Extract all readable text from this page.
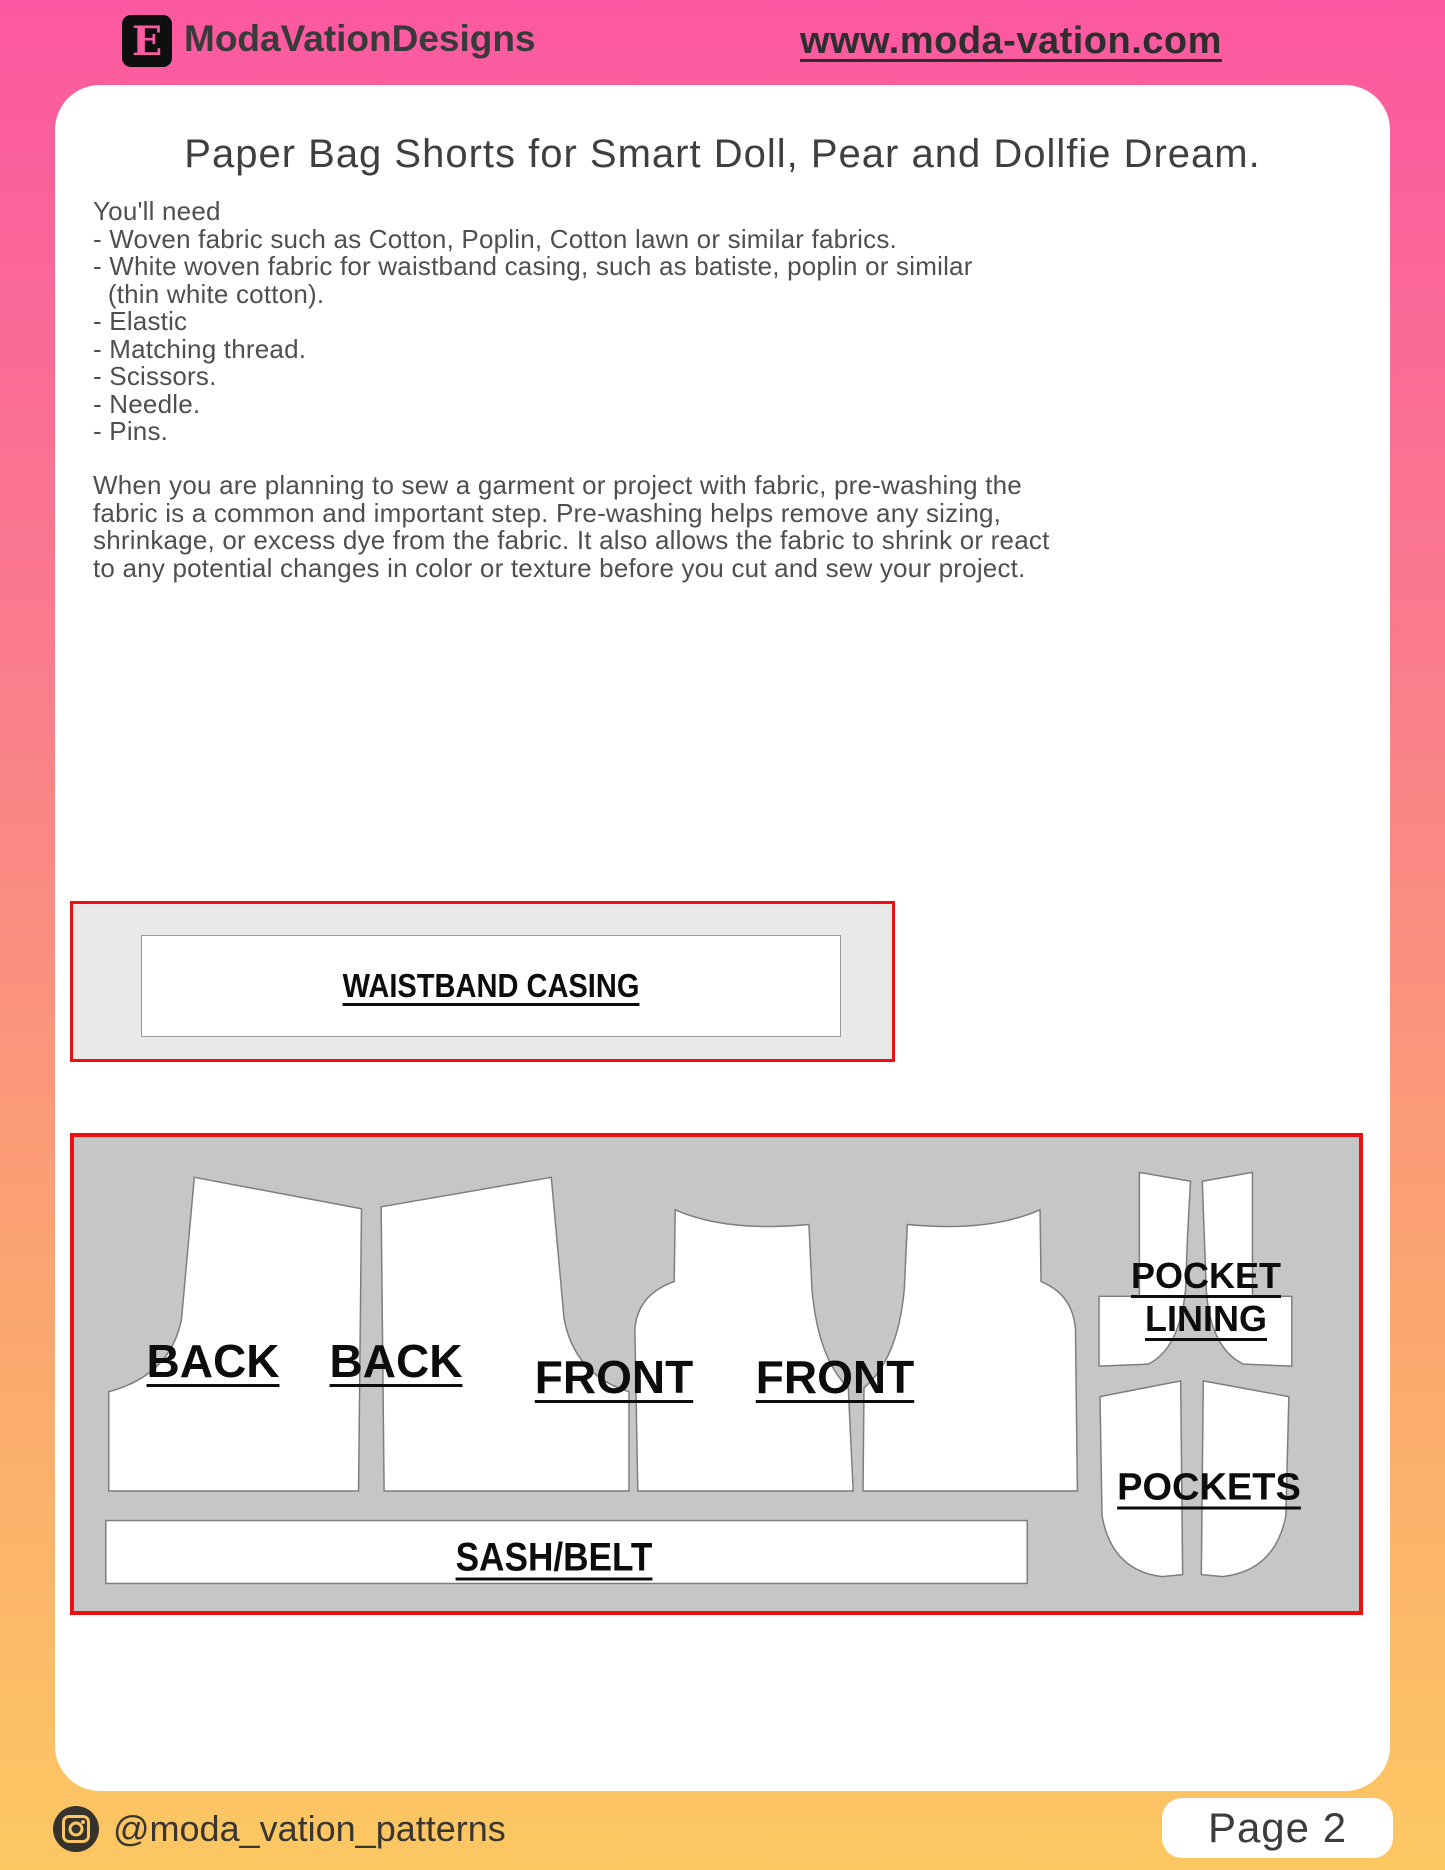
E ModaVationDesigns	www.moda-vation.com
Paper Bag Shorts for Smart Doll, Pear and Dollfie Dream.
You'll need
- Woven fabric such as Cotton, Poplin, Cotton lawn or similar fabrics.
- White woven fabric for waistband casing, such as batiste, poplin or similar
(thin white cotton).
- Elastic
- Matching thread.
- Scissors.
- Needle.
- Pins.
When you are planning to sew a garment or project with fabric, pre-washing the
fabric is a common and important step. Pre-washing helps remove any sizing,
shrinkage, or excess dye from the fabric. It also allows the fabric to shrink or react
to any potential changes in color or texture before you cut and sew your project.
WAISTBAND CASING
BACK BACK FRONT FRONT
POCKET
LINING
POCKETS
SASH/BELT
@moda_vation_patterns	Page 2
